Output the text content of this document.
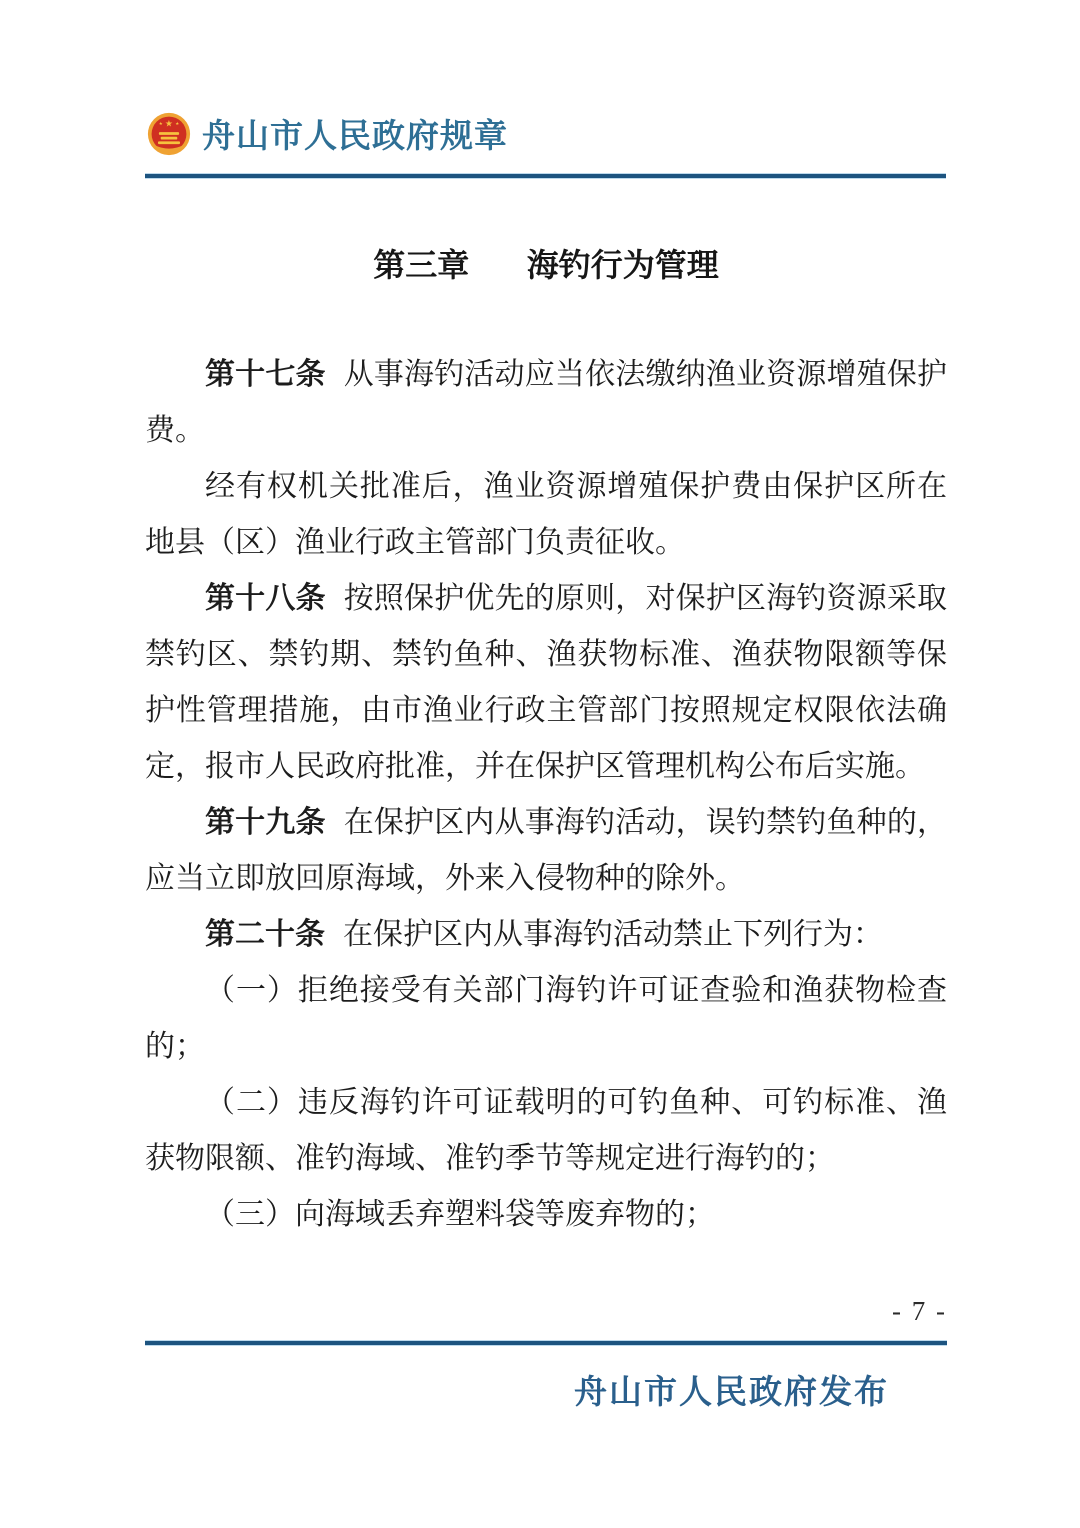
★
★ ★ 舟山市人民政府规章
第三章 海钓行为管理

第十七条 从事海钓活动应当依法缴纳渔业资源增殖保护费。

经有权机关批准后，渔业资源增殖保护费由保护区所在地县（区）渔业行政主管部门负责征收。

第十八条 按照保护优先的原则，对保护区海钓资源采取禁钓区、禁钓期、禁钓鱼种、渔获物标准、渔获物限额等保护性管理措施，由市渔业行政主管部门按照规定权限依法确定，报市人民政府批准，并在保护区管理机构公布后实施。

第十九条 在保护区内从事海钓活动，误钓禁钓鱼种的，应当立即放回原海域，外来入侵物种的除外。

第二十条 在保护区内从事海钓活动禁止下列行为：

（一）拒绝接受有关部门海钓许可证查验和渔获物检查的；

（二）违反海钓许可证载明的可钓鱼种、可钓标准、渔获物限额、准钓海域、准钓季节等规定进行海钓的；

（三）向海域丢弃塑料袋等废弃物的；

- 7 -
舟山市人民政府发布
